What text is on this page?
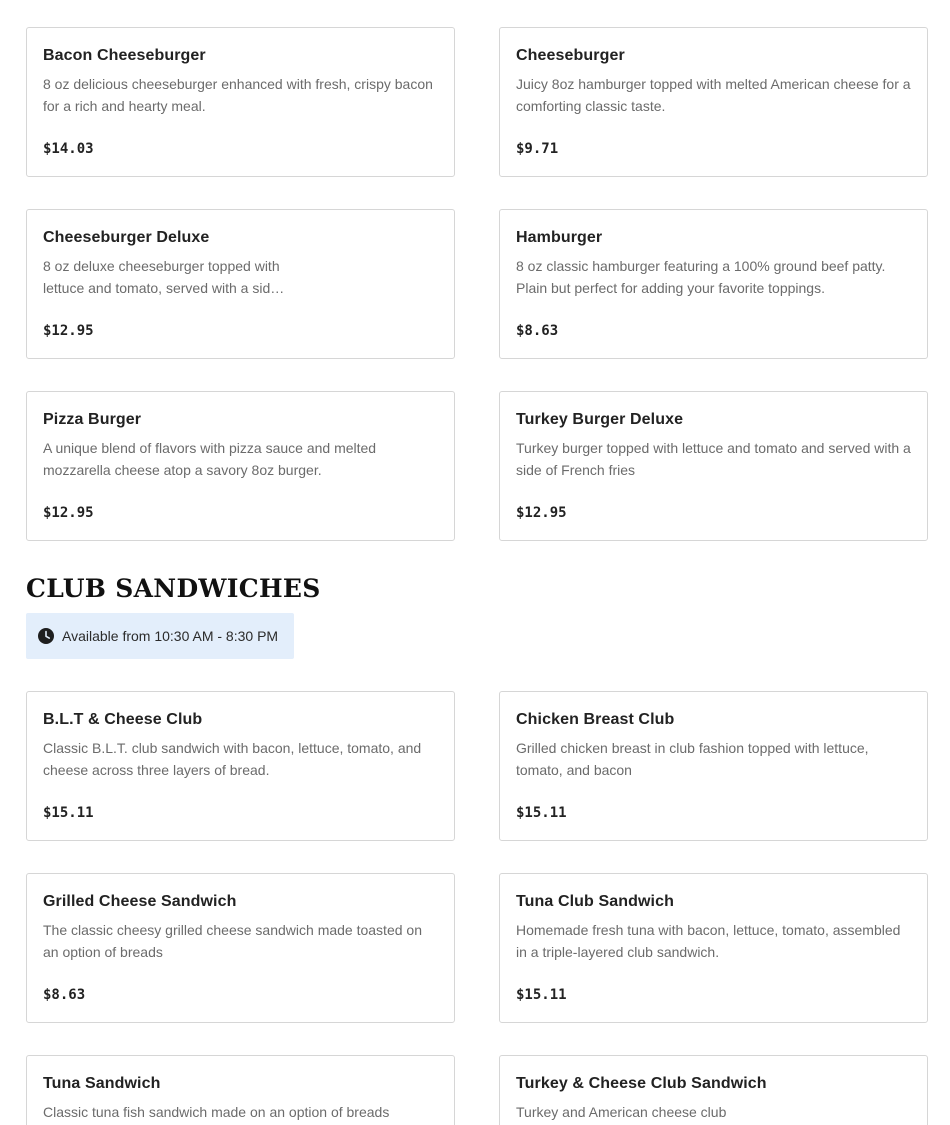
Bacon Cheeseburger
8 oz delicious cheeseburger enhanced with fresh, crispy bacon for a rich and hearty meal.
$14.03
Cheeseburger
Juicy 8oz hamburger topped with melted American cheese for a comforting classic taste.
$9.71
Cheeseburger Deluxe
8 oz deluxe cheeseburger topped with lettuce and tomato, served with a sid…
$12.95
Hamburger
8 oz classic hamburger featuring a 100% ground beef patty. Plain but perfect for adding your favorite toppings.
$8.63
Pizza Burger
A unique blend of flavors with pizza sauce and melted mozzarella cheese atop a savory 8oz burger.
$12.95
Turkey Burger Deluxe
Turkey burger topped with lettuce and tomato and served with a side of French fries
$12.95
CLUB SANDWICHES
Available from 10:30 AM - 8:30 PM
B.L.T & Cheese Club
Classic B.L.T. club sandwich with bacon, lettuce, tomato, and cheese across three layers of bread.
$15.11
Chicken Breast Club
Grilled chicken breast in club fashion topped with lettuce, tomato, and bacon
$15.11
Grilled Cheese Sandwich
The classic cheesy grilled cheese sandwich made toasted on an option of breads
$8.63
Tuna Club Sandwich
Homemade fresh tuna with bacon, lettuce, tomato, assembled in a triple-layered club sandwich.
$15.11
Tuna Sandwich
Classic tuna fish sandwich made on an option of breads
Turkey & Cheese Club Sandwich
Turkey and American cheese club
